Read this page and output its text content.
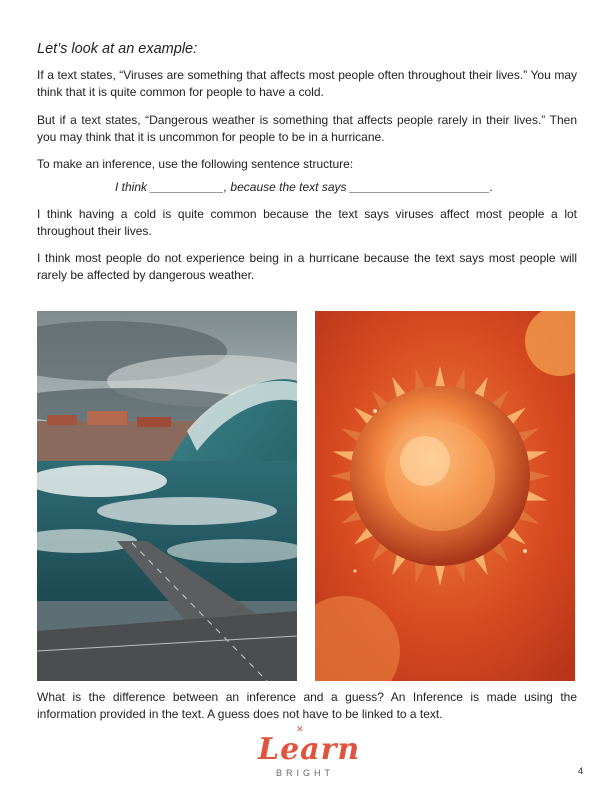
Let’s look at an example:
If a text states, “Viruses are something that affects most people often throughout their lives.” You may think that it is quite common for people to have a cold.
But if a text states, “Dangerous weather is something that affects people rarely in their lives.” Then you may think that it is uncommon for people to be in a hurricane.
To make an inference, use the following sentence structure:
I think ___________, because the text says _____________________.
I think having a cold is quite common because the text says viruses affect most people a lot throughout their lives.
I think most people do not experience being in a hurricane because the text says most people will rarely be affected by dangerous weather.
What is the difference between an inference and a guess? An Inference is made using the information provided in the text. A guess does not have to be linked to a text.
✕
Learn
BRIGHT	4
